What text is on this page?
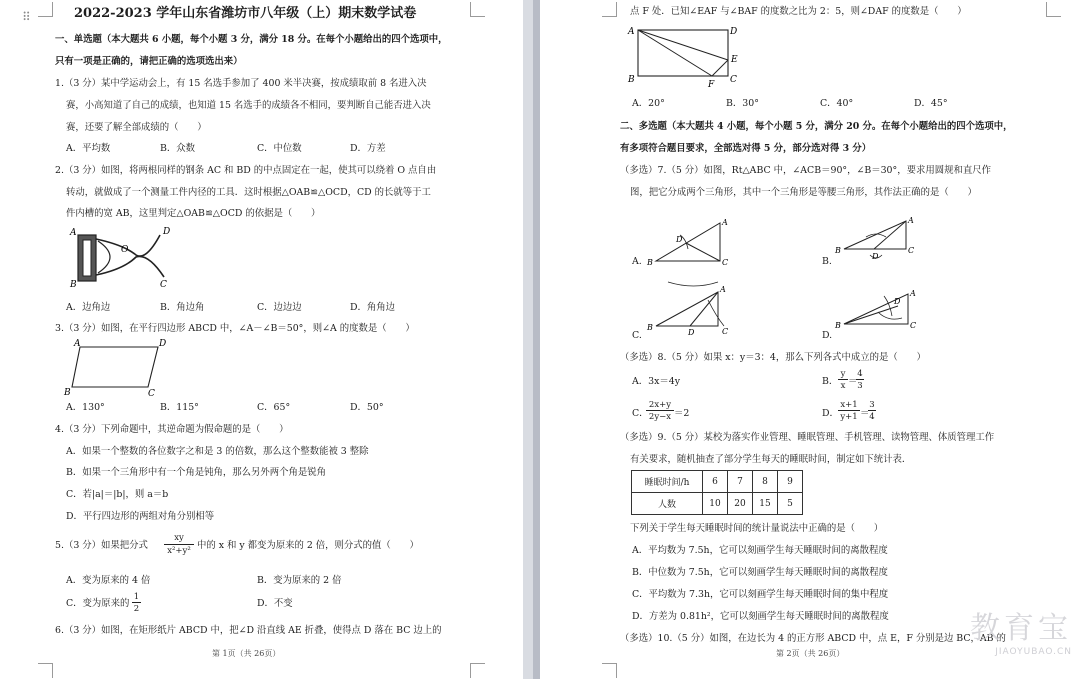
⠿	2022-2023 学年山东省潍坊市八年级（上）期末数学试卷
一、单选题（本大题共 6 小题，每个小题 3 分，满分 18 分。在每个小题给出的四个选项中，
只有一项是正确的，请把正确的选项选出来）
1.（3 分）某中学运动会上，有 15 名选手参加了 400 米半决赛，按成绩取前 8 名进入决
赛，小高知道了自己的成绩，也知道 15 名选手的成绩各不相同，要判断自己能否进入决
赛，还要了解全部成绩的（　　）
A．平均数	B．众数	C．中位数	D．方差
2.（3 分）如图，将两根同样的钢条 AC 和 BD 的中点固定在一起，使其可以绕着 O 点自由
转动，就做成了一个测量工件内径的工具．这时根据△OAB≌△OCD，CD 的长就等于工
件内槽的宽 AB，这里判定△OAB≌△OCD 的依据是（　　）
A
B
O
D
C
A．边角边	B．角边角	C．边边边	D．角角边
3.（3 分）如图，在平行四边形 ABCD 中，∠A－∠B＝50°，则∠A 的度数是（　　）
A	D
B	C
A．130°	B．115°	C．65°	D．50°
4.（3 分）下列命题中，其逆命题为假命题的是（　　）
A．如果一个整数的各位数字之和是 3 的倍数，那么这个整数能被 3 整除
B．如果一个三角形中有一个角是钝角，那么另外两个角是锐角
C．若|a|＝|b|，则 a＝b
D．平行四边形的两组对角分别相等
5.（3 分）如果把分式
xy
x²+y² 中的 x 和 y 都变为原来的 2 倍，则分式的值（　　）
A．变为原来的 4 倍	B．变为原来的 2 倍
C．变为原来的
1
2	D．不变
6.（3 分）如图，在矩形纸片 ABCD 中，把∠D 沿直线 AE 折叠，使得点 D 落在 BC 边上的
第 1页（共 26页）
点 F 处．已知∠EAF 与∠BAF 的度数之比为 2：5，则∠DAF 的度数是（　　）
A	D
E
B	F C
A．20°	B．30°	C．40°	D．45°
二、多选题（本大题共 4 小题，每个小题 5 分，满分 20 分。在每个小题给出的四个选项中，
有多项符合题目要求，全部选对得 5 分，部分选对得 3 分）
（多选）7.（5 分）如图，Rt△ABC 中，∠ACB＝90°，∠B＝30°，要求用圆规和直尺作
图，把它分成两个三角形，其中一个三角形是等腰三角形，其作法正确的是（　　）
A. B
A
C
D
B.
B
A
C
D
C.
B
A
C
D	D.
B
A
C
D
（多选）8.（5 分）如果 x：y＝3：4，那么下列各式中成立的是（　　）
A．3x＝4y	B．
y
x ＝
4
3
C．
2x+y
2y−x ＝2	D．
x+1
y+1 ＝
3
4
（多选）9.（5 分）某校为落实作业管理、睡眠管理、手机管理、读物管理、体质管理工作
有关要求，随机抽查了部分学生每天的睡眠时间，制定如下统计表．
睡眠时间/h	6	7	8	9
人数	10	20	15	5
下列关于学生每天睡眠时间的统计量说法中正确的是（　　）
A．平均数为 7.5h，它可以刻画学生每天睡眠时间的离散程度
B．中位数为 7.5h，它可以刻画学生每天睡眠时间的离散程度
C．平均数为 7.3h，它可以刻画学生每天睡眠时间的集中程度
D．方差为 0.81h²，它可以刻画学生每天睡眠时间的离散程度
（多选）10.（5 分）如图，在边长为 4 的正方形 ABCD 中，点 E，F 分别是边 BC，AB 的
第 2页（共 26页）
教育宝
JIAOYUBAO.CN
